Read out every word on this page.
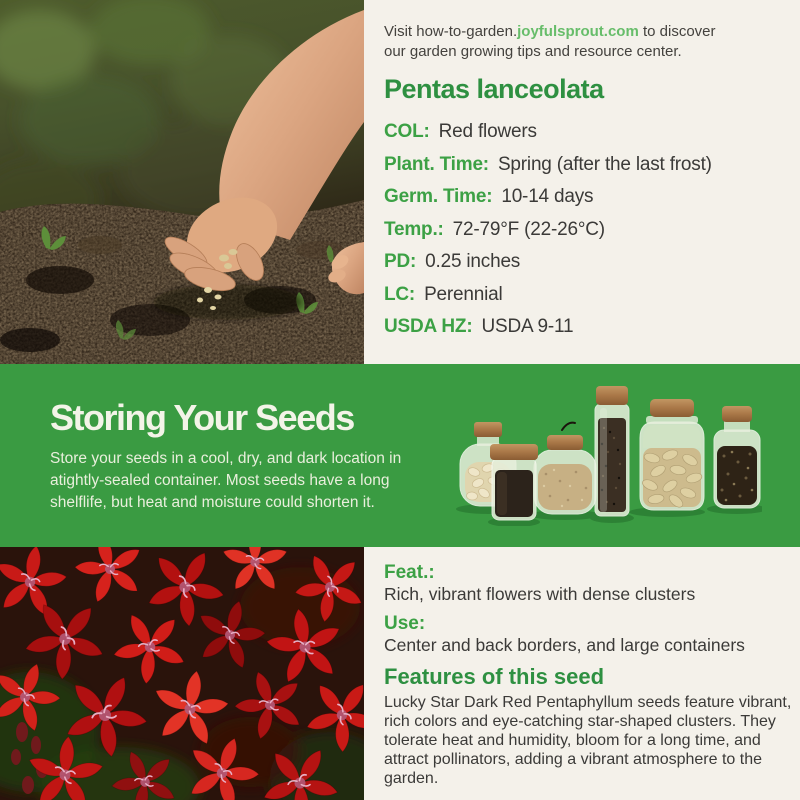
Visit how-to-garden.joyfulsprout.com to discover
our garden growing tips and resource center.

Pentas lanceolata
COL: Red flowers
Plant. Time: Spring (after the last frost)
Germ. Time: 10-14 days
Temp.: 72-79°F (22-26°C)
PD: 0.25 inches
LC: Perennial
USDA HZ: USDA 9-11
Storing Your Seeds

Store your seeds in a cool, dry, and dark location in atightly-sealed container. Most seeds have a long shelflife, but heat and moisture could shorten it.

Feat.:

Rich, vibrant flowers with dense clusters

Use:

Center and back borders, and large containers

Features of this seed

Lucky Star Dark Red Pentaphyllum seeds feature vibrant, rich colors and eye-catching star-shaped clusters. They tolerate heat and humidity, bloom for a long time, and attract pollinators, adding a vibrant atmosphere to the garden.
